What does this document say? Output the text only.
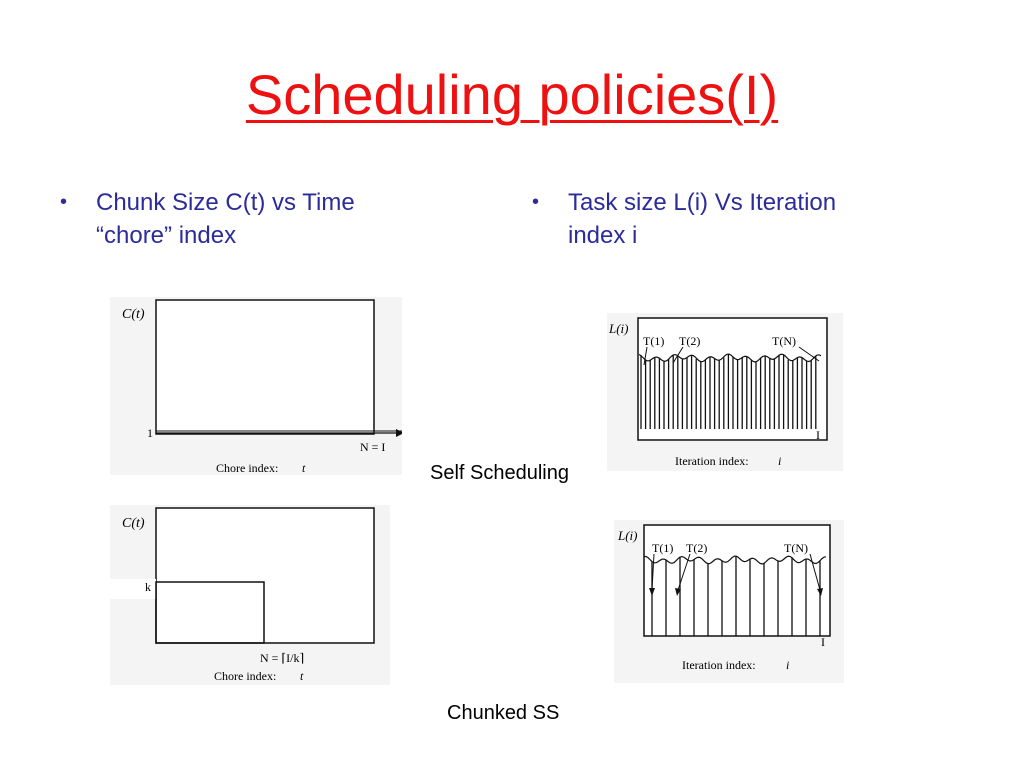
Scheduling policies(I)
•	Chunk Size C(t) vs Time
“chore” index
•	Task size L(i) Vs Iteration
index i
C(t)
1
N = I
Chore index: t
C(t)
k
N = ⌈I/k⌉
Chore index: t
L(i)
T(1) T(2)	T(N)
I
Iteration index: i
L(i)
T(1) T(2)	T(N)
I
Iteration index:	i
Self Scheduling
Chunked SS
